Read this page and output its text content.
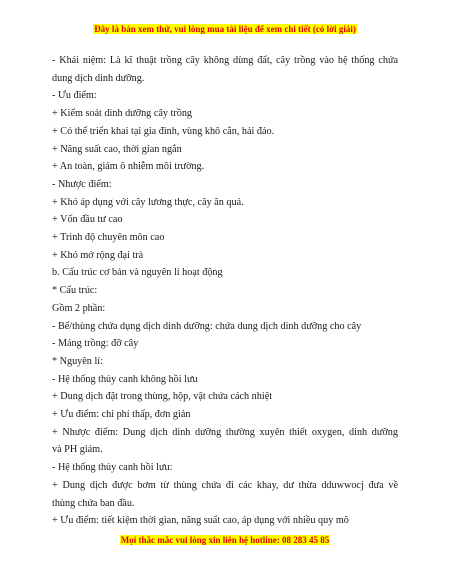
Đây là bản xem thử, vui lòng mua tài liệu để xem chi tiết (có lời giải)
- Khái niệm: Là kĩ thuật trồng cây không dùng đất, cây trồng vào hệ thống chứa
dung dịch dinh dưỡng.
- Ưu điểm:
+ Kiểm soát dinh dưỡng cây trồng
+ Có thể triển khai tại gia đình, vùng khô cằn, hải đảo.
+ Năng suất cao, thời gian ngắn
+ An toàn, giảm ô nhiễm môi trường.
- Nhược điểm:
+ Khó áp dụng với cây lương thực, cây ăn quả.
+ Vốn đầu tư cao
+ Trình độ chuyên môn cao
+ Khó mở rộng đại trà
b. Cấu trúc cơ bản và nguyên lí hoạt động
* Cấu trúc:
Gồm 2 phần:
- Bể/thùng chứa dụng dịch dinh dưỡng: chứa dung dịch dinh dưỡng cho cây
- Máng trồng: đỡ cây
* Nguyên lí:
- Hệ thống thủy canh không hồi lưu
+ Dung dịch đặt trong thùng, hộp, vật chứa cách nhiệt
+ Ưu điểm: chi phí thấp, đơn giản
+ Nhược điểm: Dung dịch dinh dưỡng thường xuyên thiết oxygen, dinh dưỡng
và PH giảm.
- Hệ thống thủy canh hồi lưu:
+ Dung dịch được bơm từ thùng chứa đi các khay, dư thừa dduwwocj đưa về
thùng chứa ban đầu.
+ Ưu điểm: tiết kiệm thời gian, năng suất cao, áp dụng với nhiều quy mô
Mọi thắc mắc vui lòng xin liên hệ hotline: 08 283 45 85
